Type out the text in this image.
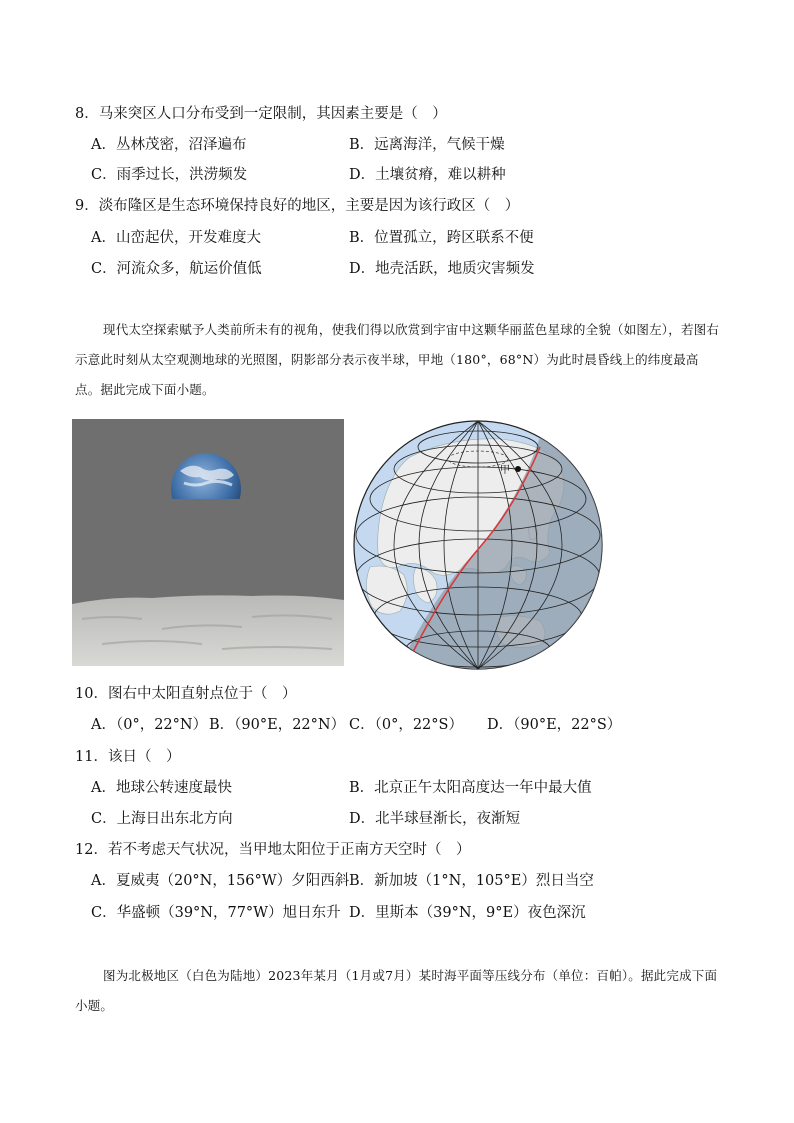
8．马来突区人口分布受到一定限制，其因素主要是（　）
A．丛林茂密，沼泽遍布	B．远离海洋，气候干燥
C．雨季过长，洪涝频发	D．土壤贫瘠，难以耕种
9．淡布隆区是生态环境保持良好的地区，主要是因为该行政区（　）
A．山峦起伏，开发难度大	B．位置孤立，跨区联系不便
C．河流众多，航运价值低	D．地壳活跃，地质灾害频发
现代太空探索赋予人类前所未有的视角，使我们得以欣赏到宇宙中这颗华丽蓝色星球的全貌（如图左），若图右示意此时刻从太空观测地球的光照图，阴影部分表示夜半球，甲地（180°，68°N）为此时晨昏线上的纬度最高点。据此完成下面小题。
甲
10．图右中太阳直射点位于（　）
A．（0°，22°N） B．（90°E，22°N） C．（0°，22°S） D．（90°E，22°S）
11．该日（　）
A．地球公转速度最快	B．北京正午太阳高度达一年中最大值
C．上海日出东北方向	D．北半球昼渐长，夜渐短
12．若不考虑天气状况，当甲地太阳位于正南方天空时（　）
A．夏威夷（20°N，156°W）夕阳西斜 B．新加坡（1°N，105°E）烈日当空
C．华盛顿（39°N，77°W）旭日东升 D．里斯本（39°N，9°E）夜色深沉
图为北极地区（白色为陆地）2023年某月（1月或7月）某时海平面等压线分布（单位：百帕）。据此完成下面小题。
